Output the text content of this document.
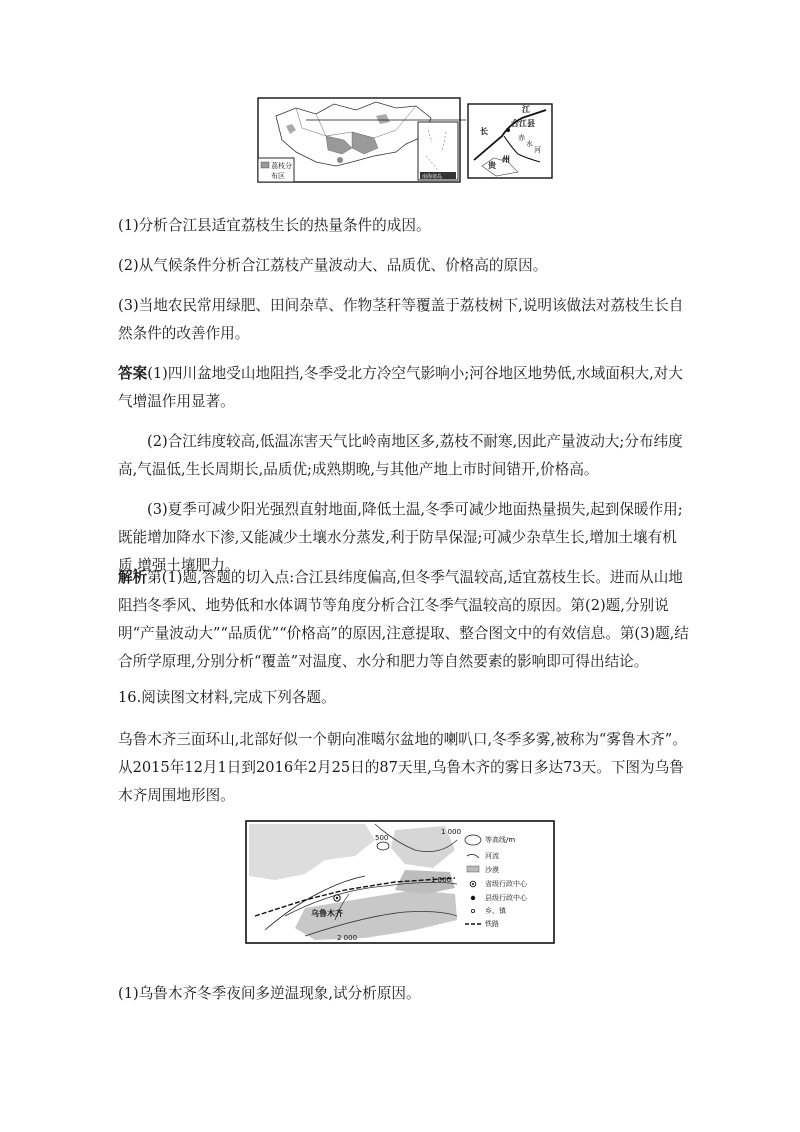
南海诸岛
荔枝分
布区
江
合江县
赤
水
河
长
贵
州

(1)分析合江县适宜荔枝生长的热量条件的成因。

(2)从气候条件分析合江荔枝产量波动大、品质优、价格高的原因。

(3)当地农民常用绿肥、田间杂草、作物茎秆等覆盖于荔枝树下,说明该做法对荔枝生长自然条件的改善作用。

答案(1)四川盆地受山地阻挡,冬季受北方冷空气影响小;河谷地区地势低,水域面积大,对大气增温作用显著。

(2)合江纬度较高,低温冻害天气比岭南地区多,荔枝不耐寒,因此产量波动大;分布纬度高,气温低,生长周期长,品质优;成熟期晚,与其他产地上市时间错开,价格高。

(3)夏季可减少阳光强烈直射地面,降低土温,冬季可减少地面热量损失,起到保暖作用;既能增加降水下渗,又能减少土壤水分蒸发,利于防旱保湿;可减少杂草生长,增加土壤有机质,增强土壤肥力。

解析第(1)题,答题的切入点:合江县纬度偏高,但冬季气温较高,适宜荔枝生长。进而从山地阻挡冬季风、地势低和水体调节等角度分析合江冬季气温较高的原因。第(2)题,分别说明“产量波动大”“品质优”“价格高”的原因,注意提取、整合图文中的有效信息。第(3)题,结合所学原理,分别分析“覆盖”对温度、水分和肥力等自然要素的影响即可得出结论。

16.阅读图文材料,完成下列各题。

乌鲁木齐三面环山,北部好似一个朝向准噶尔盆地的喇叭口,冬季多雾,被称为“雾鲁木齐”。从2015年12月1日到2016年2月25日的87天里,乌鲁木齐的雾日多达73天。下图为乌鲁木齐周围地形图。

500
1 000
1 000
2 000
乌鲁木齐
等高线/m
河流
沙漠
省级行政中心
县级行政中心
乡、镇
铁路

(1)乌鲁木齐冬季夜间多逆温现象,试分析原因。
